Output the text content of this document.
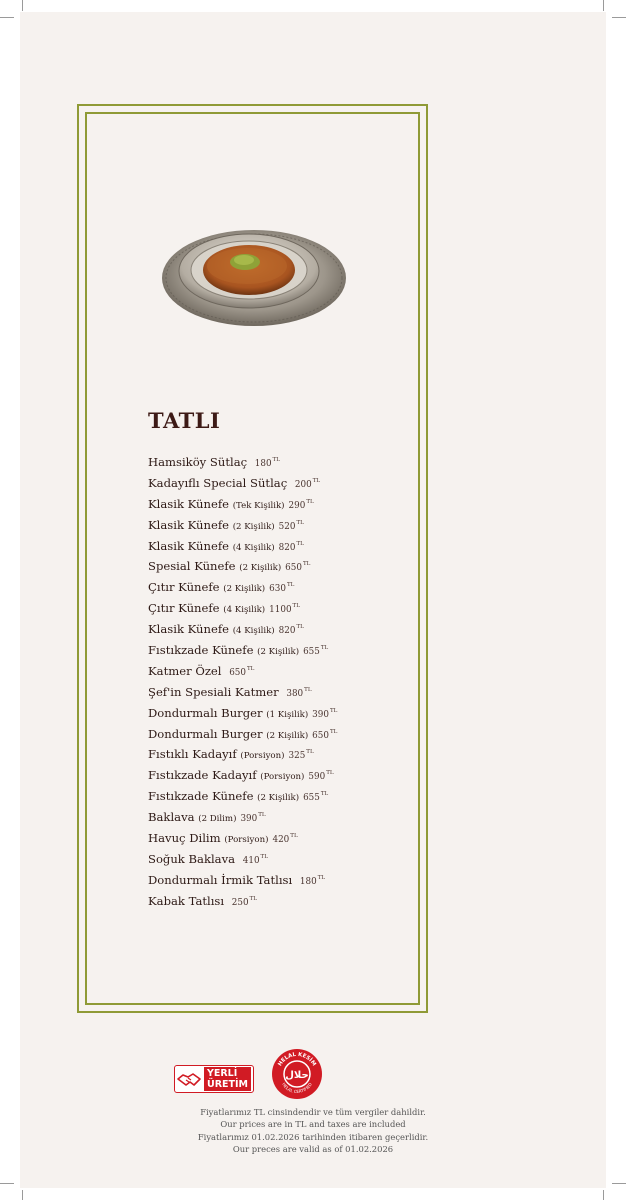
TATLI
Hamsiköy Sütlaç $180^{TL}$
Kadayıflı Special Sütlaç $200^{TL}$
Klasik Künefe (Tek Kişilik) $290^{TL}$
Klasik Künefe (2 Kişilik) $520^{TL}$
Klasik Künefe (4 Kişilik) $820^{TL}$
Spesial Künefe (2 Kişilik) $650^{TL}$
Çıtır Künefe (2 Kişilik) $630^{TL}$
Çıtır Künefe (4 Kişilik) $1100^{TL}$
Klasik Künefe (4 Kişilik) $820^{TL}$
Fıstıkzade Künefe (2 Kişilik) $655^{TL}$
Katmer Özel $650^{TL}$
Şef'in Spesiali Katmer $380^{TL}$
Dondurmalı Burger (1 Kişilik) $390^{TL}$
Dondurmalı Burger (2 Kişilik) $650^{TL}$
Fıstıklı Kadayıf (Porsiyon) $325^{TL}$
Fıstıkzade Kadayıf (Porsiyon) $590^{TL}$
Fıstıkzade Künefe (2 Kişilik) $655^{TL}$
Baklava (2 Dilim) $390^{TL}$
Havuç Dilim (Porsiyon) $420^{TL}$
Soğuk Baklava $410^{TL}$
Dondurmalı İrmik Tatlısı $180^{TL}$
Kabak Tatlısı $250^{TL}$
YERLİ
ÜRETİM
HELAL KESİM
HELAL CERTIFIED
حلال
Fiyatlarımız TL cinsindendir ve tüm vergiler dahildir.
Our prices are in TL and taxes are included
Fiyatlarımız 01.02.2026 tarihinden itibaren geçerlidir.
Our preces are valid as of 01.02.2026
